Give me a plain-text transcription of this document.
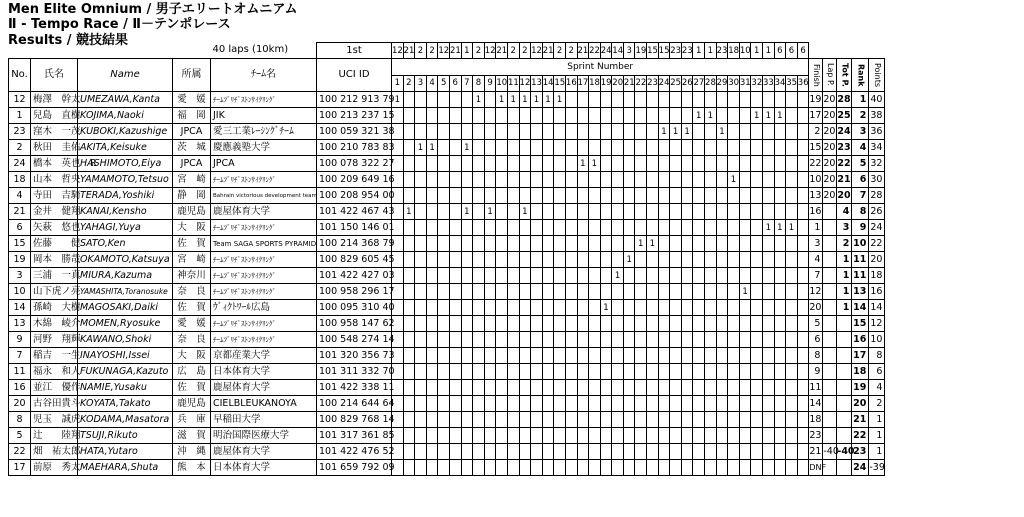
Men Elite Omnium / 男子エリートオムニアム
Ⅱ - Tempo Race / Ⅱ－テンポレース
Results / 競技結果
				40 laps (10km)	1st	12	21	2	2	12	21	1	2	12	21	2	2	12	21	2	2	21	22	24	14	3	19	15	15	23	23	1	1	23	18	10	1	1	6	6	6					
No.	氏名	Name	所属	ﾁｰﾑ名	UCI ID	Sprint Number																																				Finish	Lap P.	Tot P.	Rank	Points
						1	2	3	4	5	6	7	8	9	10	11	12	13	14	15	16	17	18	19	20	21	22	23	24	25	26	27	28	29	30	31	32	33	34	35	36					
12	梅澤　幹太	UMEZAWA,Kanta	愛　媛	ﾁｰﾑﾌﾞﾘﾁﾞｽﾄﾝｻｲｸﾘﾝｸﾞ	100 212 913 79	1							1		1	1	1	1	1	1																						19	20	28	1	40
1	兒島　直樹	KOJIMA,Naoki	福　岡	JIK	100 213 237 15																											1	1				1	1	1			17	20	25	2	38
23	窪木　一茂	KUBOKI,Kazushige	JPCA	愛三工業ﾚｰｼﾝｸﾞﾁｰﾑ	100 059 321 38																								1	1	1			1								2	20	24	3	36
2	秋田　圭佑	AKITA,Keisuke	茨　城	慶應義塾大学	100 210 783 83			1	1			1																														15	20	23	4	34
24	橋本　英也　R	HASHIMOTO,Eiya	JPCA	JPCA	100 078 322 27																	1	1																			22	20	22	5	32
18	山本　哲央	YAMAMOTO,Tetsuo	宮　崎	ﾁｰﾑﾌﾞﾘﾁﾞｽﾄﾝｻｲｸﾘﾝｸﾞ	100 209 649 16																														1							10	20	21	6	30
4	寺田　吉騎	TERADA,Yoshiki	静　岡	Bahrain victorious development team	100 208 954 00																																					13	20	20	7	28
21	金井　健翔	KANAI,Kensho	鹿児島	鹿屋体育大学	101 422 467 43		1					1		1			1																									16		4	8	26
6	矢萩　悠也	YAHAGI,Yuya	大　阪	ﾁｰﾑﾌﾞﾘﾁﾞｽﾄﾝｻｲｸﾘﾝｸﾞ	101 150 146 01																																	1	1	1		1		3	9	24
15	佐藤　　健	SATO,Ken	佐　賀	Team SAGA SPORTS PYRAMID	100 214 368 79																						1	1														3		2	10	22
19	岡本　勝哉	OKAMOTO,Katsuya	宮　崎	ﾁｰﾑﾌﾞﾘﾁﾞｽﾄﾝｻｲｸﾘﾝｸﾞ	100 829 605 45																					1																4		1	11	20
3	三浦　一真	MIURA,Kazuma	神奈川	ﾁｰﾑﾌﾞﾘﾁﾞｽﾄﾝｻｲｸﾘﾝｸﾞ	101 422 427 03																				1																	7		1	11	18
10	山下虎ノ亮	YAMASHITA,Toranosuke	奈　良	ﾁｰﾑﾌﾞﾘﾁﾞｽﾄﾝｻｲｸﾘﾝｸﾞ	100 958 296 17																															1						12		1	13	16
14	孫崎　大樹	MAGOSAKI,Daiki	佐　賀	ｳﾞｨｸﾄﾜｰﾙ広島	100 095 310 40																			1																		20		1	14	14
13	木綿　崚介	MOMEN,Ryosuke	愛　媛	ﾁｰﾑﾌﾞﾘﾁﾞｽﾄﾝｻｲｸﾘﾝｸﾞ	100 958 147 62																																					5			15	12
9	河野　翔輝	KAWANO,Shoki	奈　良	ﾁｰﾑﾌﾞﾘﾁﾞｽﾄﾝｻｲｸﾘﾝｸﾞ	100 548 274 14																																					6			16	10
7	稲吉　一生	INAYOSHI,Issei	大　阪	京都産業大学	101 320 356 73																																					8			17	8
11	福永　和人	FUKUNAGA,Kazuto	広　島	日本体育大学	101 311 332 70																																					9			18	6
16	並江　優作	NAMIE,Yusaku	佐　賀	鹿屋体育大学	101 422 338 11																																					11			19	4
20	古谷田貴斗	KOYATA,Takato	鹿児島	CIELBLEUKANOYA	100 214 644 64																																					14			20	2
8	児玉　誠虎	KODAMA,Masatora	兵　庫	早稲田大学	100 829 768 14																																					18			21	1
5	辻　　陸翔	TSUJI,Rikuto	滋　賀	明治国際医療大学	101 317 361 85																																					23			22	1
22	畑　祐太郎	HATA,Yutaro	沖　縄	鹿屋体育大学	101 422 476 52																																					21	-40	-40	23	1
17	前原　秀太	MAEHARA,Shuta	熊　本	日本体育大学	101 659 792 09																																					DNF			24	-39
